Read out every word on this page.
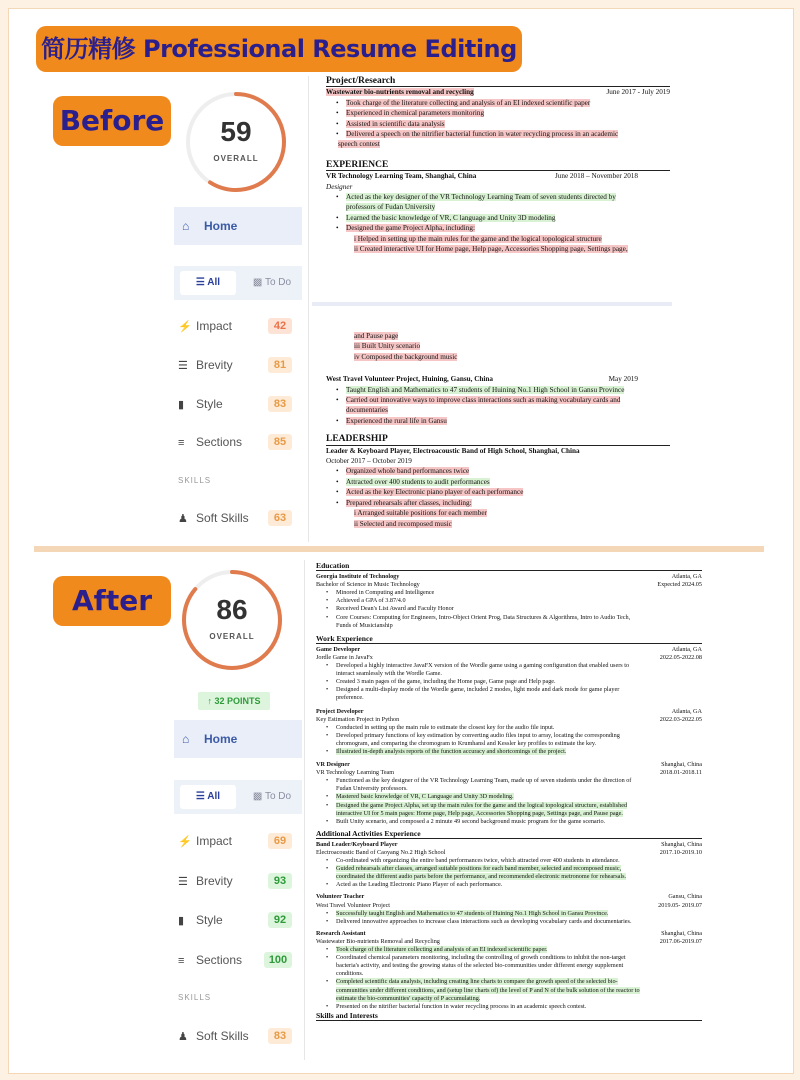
简历精修 Professional Resume Editing
Before	59
OVERALL
⌂ Home
☰ All	▩ To Do
⚡ Impact	42
☰ Brevity	81
▮ Style	83
≡ Sections	85
SKILLS
♟ Soft Skills	63
Project/Research
Wastewater bio-nutrients removal and recycling	June 2017 - July 2019
• Took charge of the literature collecting and analysis of an EI indexed scientific paper
• Experienced in chemical parameters monitoring
• Assisted in scientific data analysis
• Delivered a speech on the nitrifier bacterial function in water recycling process in an academic
speech contest
EXPERIENCE
VR Technology Learning Team, Shanghai, China	June 2018 – November 2018
Designer
• Acted as the key designer of the VR Technology Learning Team of seven students directed by
professors of Fudan University
• Learned the basic knowledge of VR, C language and Unity 3D modeling
• Designed the game Project Alpha, including:
i Helped in setting up the main rules for the game and the logical topological structure
ii Created interactive UI for Home page, Help page, Accessories Shopping page, Settings page,
and Pause page
iii Built Unity scenario
iv Composed the background music
West Travel Volunteer Project, Huining, Gansu, China	May 2019
• Taught English and Mathematics to 47 students of Huining No.1 High School in Gansu Province
• Carried out innovative ways to improve class interactions such as making vocabulary cards and
documentaries
• Experienced the rural life in Gansu
LEADERSHIP
Leader & Keyboard Player, Electroacoustic Band of High School, Shanghai, China
October 2017 – October 2019
• Organized whole band performances twice
• Attracted over 400 students to audit performances
• Acted as the key Electronic piano player of each performance
• Prepared rehearsals after classes, including:
i Arranged suitable positions for each member
ii Selected and recomposed music
After	86
OVERALL
↑ 32 POINTS
⌂ Home
☰ All	▩ To Do
⚡ Impact	69
☰ Brevity	93
▮ Style	92
≡ Sections	100
SKILLS
♟ Soft Skills	83
Education
Georgia Institute of Technology	Atlanta, GA
Bachelor of Science in Music Technology	Expected 2024.05
• Minored in Computing and Intelligence
• Achieved a GPA of 3.87/4.0
• Received Dean's List Award and Faculty Honor
• Core Courses: Computing for Engineers, Intro-Object Orient Prog, Data Structures & Algorithms, Intro to Audio Tech,
Funds of Musicianship
Work Experience
Game Developer	Atlanta, GA
Jordle Game in JavaFx	2022.05-2022.08
• Developed a highly interactive JavaFX version of the Wordle game using a gaming configuration that enabled users to
interact seamlessly with the Wordle Game.
• Created 3 main pages of the game, including the Home page, Game page and Help page.
• Designed a multi-display mode of the Wordle game, included 2 modes, light mode and dark mode for game player
preference.
Project Developer	Atlanta, GA
Key Estimation Project in Python	2022.03-2022.05
• Conducted in setting up the main rule to estimate the closest key for the audio file input.
• Developed primary functions of key estimation by converting audio files input to array, locating the corresponding
chromogram, and comparing the chromogram to Krumhansl and Kessler key profiles to estimate the key.
• Illustrated in-depth analysis reports of the function accuracy and shortcomings of the project.
VR Designer	Shanghai, China
VR Technology Learning Team	2018.01-2018.11
• Functioned as the key designer of the VR Technology Learning Team, made up of seven students under the direction of
Fudan University professors.
• Mastered basic knowledge of VR, C Language and Unity 3D modeling.
• Designed the game Project Alpha, set up the main rules for the game and the logical topological structure, established
interactive UI for 5 main pages: Home page, Help page, Accessories Shopping page, Settings page, and Pause page.
• Built Unity scenario, and composed a 2 minute 49 second background music program for the game scenario.
Additional Activities Experience
Band Leader/Keyboard Player	Shanghai, China
Electroacoustic Band of Caoyang No.2 High School	2017.10-2019.10
• Co-ordinated with organizing the entire band performances twice, which attracted over 400 students in attendance.
• Guided rehearsals after classes, arranged suitable positions for each band member, selected and recomposed music,
coordinated the different audio parts before the performance, and recommended electronic metronome for rehearsals.
• Acted as the Leading Electronic Piano Player of each performance.
Volunteer Teacher	Gansu, China
West Travel Volunteer Project	2019.05- 2019.07
• Successfully taught English and Mathematics to 47 students of Huining No.1 High School in Gansu Province.
• Delivered innovative approaches to increase class interactions such as developing vocabulary cards and documentaries.
Research Assistant	Shanghai, China
Wastewater Bio-nutrients Removal and Recycling	2017.06-2019.07
• Took charge of the literature collecting and analysis of an EI indexed scientific paper.
• Coordinated chemical parameters monitoring, including the controlling of growth conditions to inhibit the non-target
bacteria's activity, and testing the growing status of the selected bio-communities under different energy supplement
conditions.
• Completed scientific data analysis, including creating line charts to compare the growth speed of the selected bio-
communities under different conditions, and (setup line charts of) the level of P and N of the bulk solution of the reactor to
estimate the bio-communities' capacity of P accumulating.
• Presented on the nitrifier bacterial function in water recycling process in an academic speech contest.
Skills and Interests
